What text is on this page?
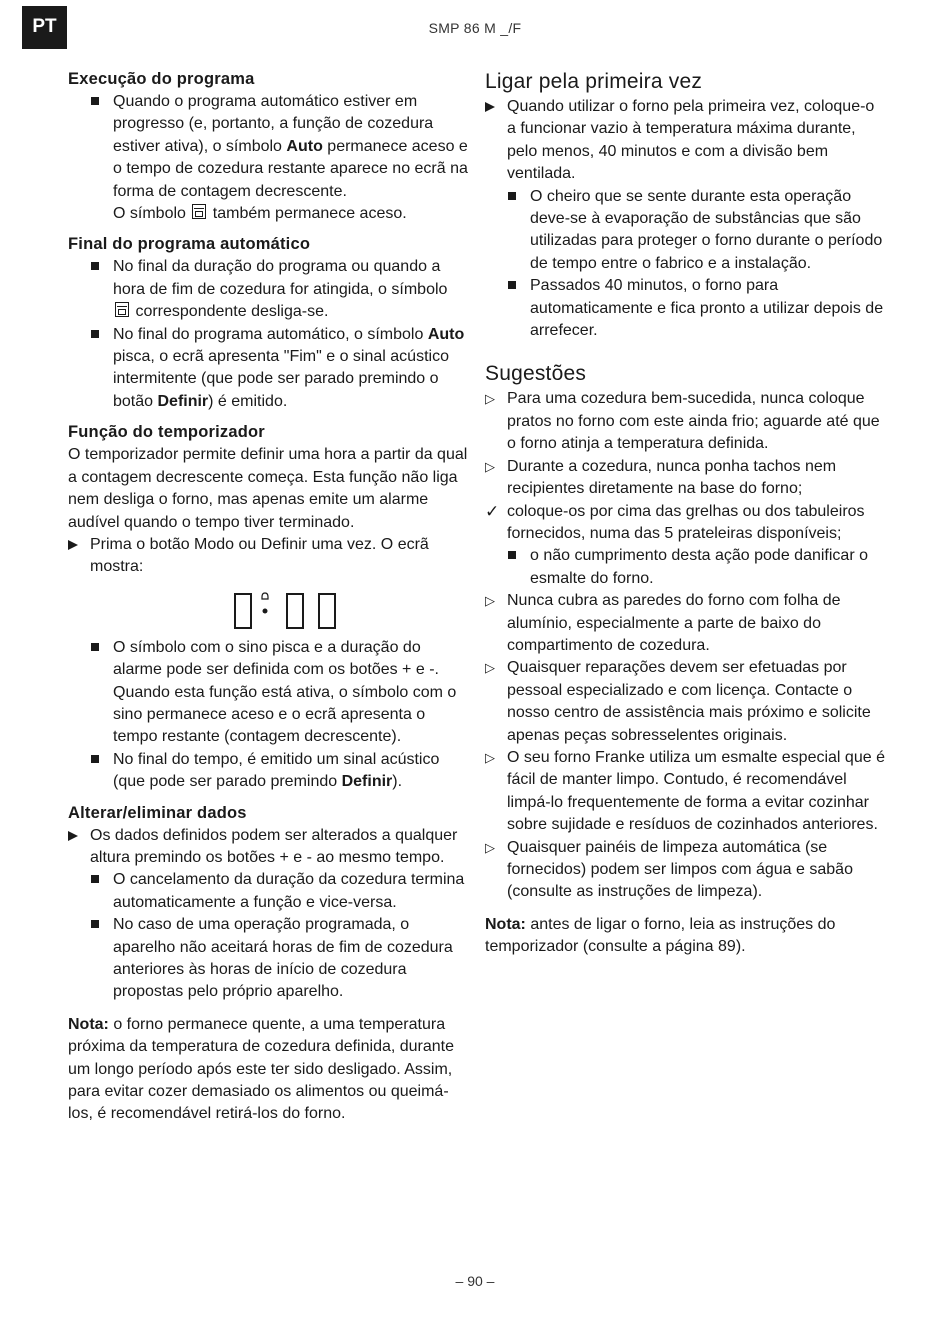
PT	SMP 86 M _/F
Execução do programa

Quando o programa automático estiver em progresso (e, portanto, a função de cozedura estiver ativa), o símbolo Auto permanece aceso e o tempo de cozedura restante aparece no ecrã na forma de contagem decrescente.
O símbolo  também permanece aceso.

Final do programa automático

No final da duração do programa ou quando a hora de fim de cozedura for atingida, o símbolo
correspondente desliga-se.

No final do programa automático, o símbolo Auto pisca, o ecrã apresenta "Fim" e o sinal acústico intermitente (que pode ser parado premindo o botão Definir) é emitido.

Função do temporizador

O temporizador permite definir uma hora a partir da qual a contagem decrescente começa. Esta função não liga nem desliga o forno, mas apenas emite um alarme audível quando o tempo tiver terminado.

Prima o botão Modo ou Definir uma vez. O ecrã mostra:

O símbolo com o sino pisca e a duração do alarme pode ser definida com os botões + e -. Quando esta função está ativa, o símbolo com o sino permanece aceso e o ecrã apresenta o tempo restante (contagem decrescente).

No final do tempo, é emitido um sinal acústico (que pode ser parado premindo Definir).

Alterar/eliminar dados

Os dados definidos podem ser alterados a qualquer altura premindo os botões + e - ao mesmo tempo.

O cancelamento da duração da cozedura termina automaticamente a função e vice-versa.

No caso de uma operação programada, o aparelho não aceitará horas de fim de cozedura anteriores às horas de início de cozedura propostas pelo próprio aparelho.

Nota: o forno permanece quente, a uma temperatura próxima da temperatura de cozedura definida, durante um longo período após este ter sido desligado. Assim, para evitar cozer demasiado os alimentos ou queimá-los, é recomendável retirá-los do forno.

Ligar pela primeira vez

Quando utilizar o forno pela primeira vez, coloque-o a funcionar vazio à temperatura máxima durante, pelo menos, 40 minutos e com a divisão bem ventilada.

O cheiro que se sente durante esta operação deve-se à evaporação de substâncias que são utilizadas para proteger o forno durante o período de tempo entre o fabrico e a instalação.

Passados 40 minutos, o forno para automaticamente e fica pronto a utilizar depois de arrefecer.

Sugestões
▷ Para uma cozedura bem-sucedida, nunca coloque pratos no forno com este ainda frio; aguarde até que o forno atinja a temperatura definida.

▷ Durante a cozedura, nunca ponha tachos nem recipientes diretamente na base do forno;

✓ coloque-os por cima das grelhas ou dos tabuleiros fornecidos, numa das 5 prateleiras disponíveis;

o não cumprimento desta ação pode danificar o esmalte do forno.

▷ Nunca cubra as paredes do forno com folha de alumínio, especialmente a parte de baixo do compartimento de cozedura.

▷ Quaisquer reparações devem ser efetuadas por pessoal especializado e com licença. Contacte o nosso centro de assistência mais próximo e solicite apenas peças sobresselentes originais.

▷ O seu forno Franke utiliza um esmalte especial que é fácil de manter limpo. Contudo, é recomendável limpá-lo frequentemente de forma a evitar cozinhar sobre sujidade e resíduos de cozinhados anteriores.

▷ Quaisquer painéis de limpeza automática (se fornecidos) podem ser limpos com água e sabão (consulte as instruções de limpeza).

Nota: antes de ligar o forno, leia as instruções do temporizador (consulte a página 89).

– 90 –
